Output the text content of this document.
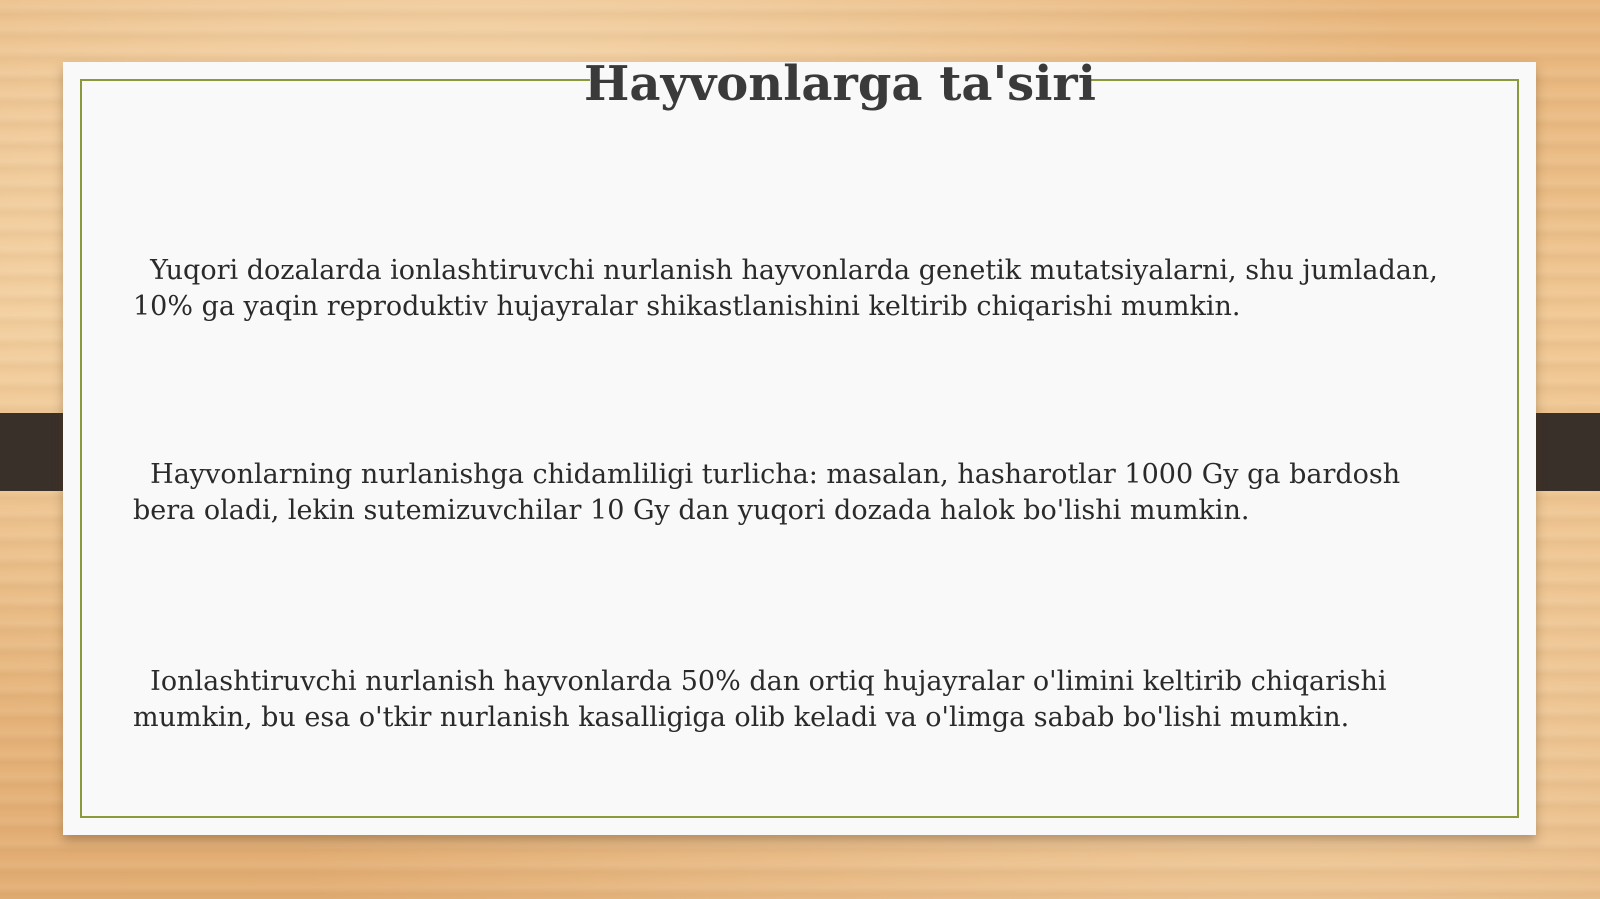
Hayvonlarga ta'siri

Yuqori dozalarda ionlashtiruvchi nurlanish hayvonlarda genetik mutatsiyalarni, shu jumladan, 10% ga yaqin reproduktiv hujayralar shikastlanishini keltirib chiqarishi mumkin.

Hayvonlarning nurlanishga chidamliligi turlicha: masalan, hasharotlar 1000 Gy ga bardosh bera oladi, lekin sutemizuvchilar 10 Gy dan yuqori dozada halok bo'lishi mumkin.

Ionlashtiruvchi nurlanish hayvonlarda 50% dan ortiq hujayralar o'limini keltirib chiqarishi mumkin, bu esa o'tkir nurlanish kasalligiga olib keladi va o'limga sabab bo'lishi mumkin.
